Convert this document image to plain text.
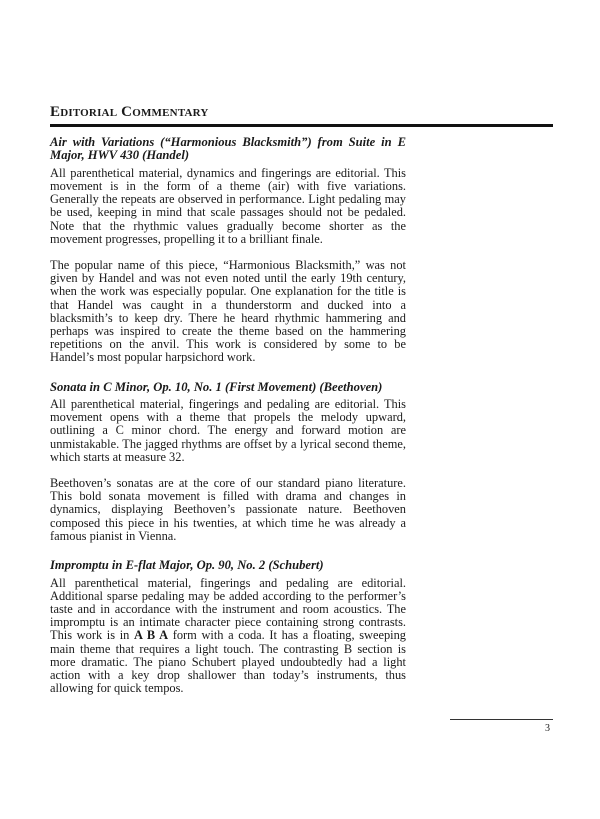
Editorial Commentary
Air with Variations (“Harmonious Blacksmith”) from Suite in E Major, HWV 430 (Handel)

All parenthetical material, dynamics and fingerings are editorial. This movement is in the form of a theme (air) with five variations. Generally the repeats are observed in performance. Light pedaling may be used, keeping in mind that scale passages should not be pedaled. Note that the rhythmic values gradually become shorter as the movement progresses, propelling it to a brilliant finale.

The popular name of this piece, “Harmonious Blacksmith,” was not given by Handel and was not even noted until the early 19th century, when the work was especially popular. One explanation for the title is that Handel was caught in a thunderstorm and ducked into a blacksmith’s to keep dry. There he heard rhythmic hammering and perhaps was inspired to create the theme based on the hammering repetitions on the anvil. This work is considered by some to be Handel’s most popular harpsichord work.

Sonata in C Minor, Op. 10, No. 1 (First Movement) (Beethoven)

All parenthetical material, fingerings and pedaling are editorial. This movement opens with a theme that propels the melody upward, outlining a C minor chord. The energy and forward motion are unmistakable. The jagged rhythms are offset by a lyrical second theme, which starts at measure 32.

Beethoven’s sonatas are at the core of our standard piano literature. This bold sonata movement is filled with drama and changes in dynamics, displaying Beethoven’s passionate nature. Beethoven composed this piece in his twenties, at which time he was already a famous pianist in Vienna.

Impromptu in E-flat Major, Op. 90, No. 2 (Schubert)

All parenthetical material, fingerings and pedaling are editorial. Additional sparse pedaling may be added according to the performer’s taste and in accordance with the instrument and room acoustics. The impromptu is an intimate character piece containing strong contrasts. This work is in A B A form with a coda. It has a floating, sweeping main theme that requires a light touch. The contrasting B section is more dramatic. The piano Schubert played undoubtedly had a light action with a key drop shallower than today’s instruments, thus allowing for quick tempos.

3
